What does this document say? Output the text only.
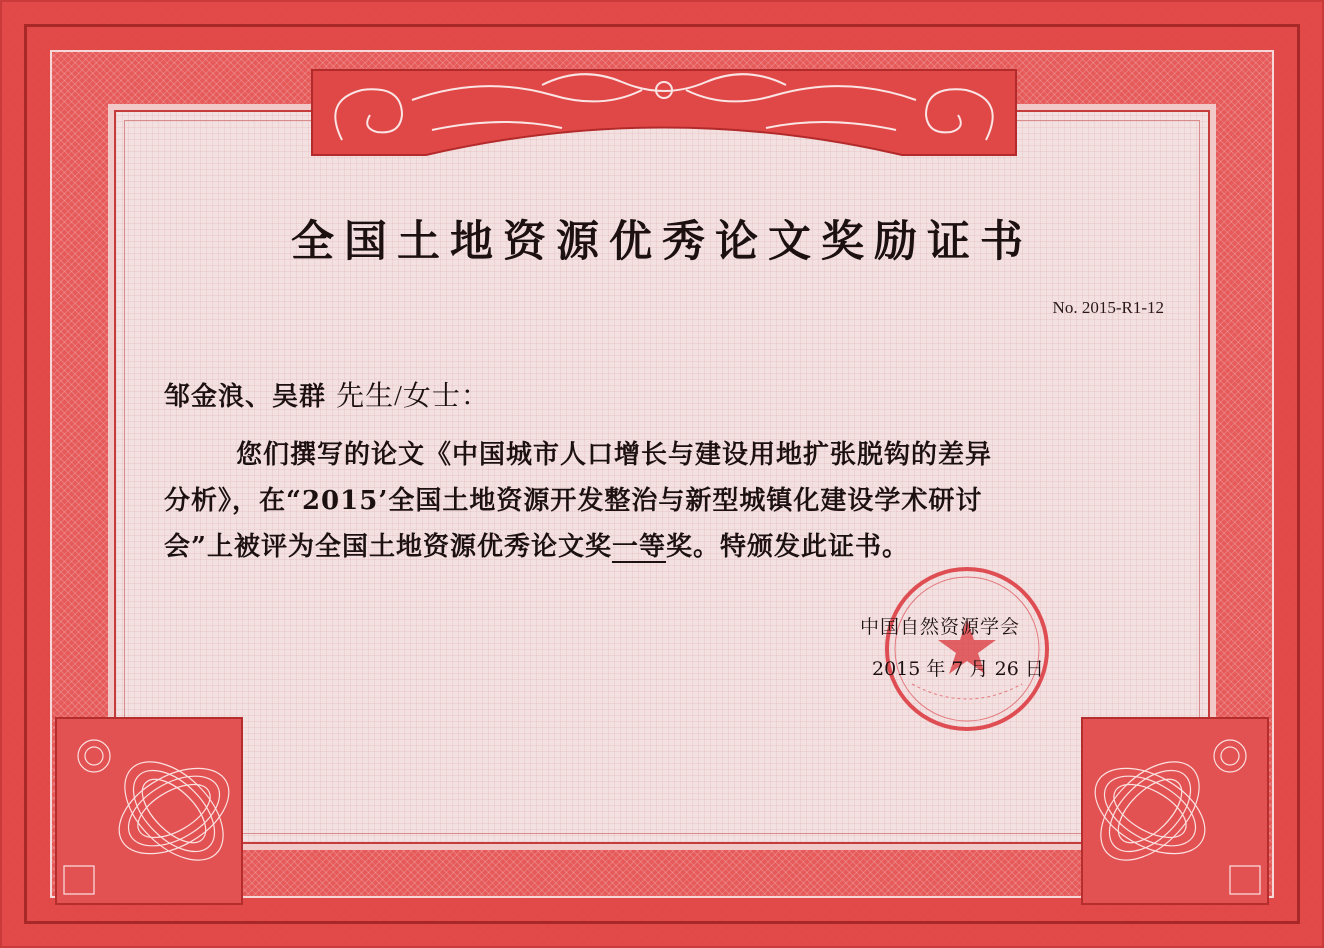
全国土地资源优秀论文奖励证书
No. 2015-R1-12
邹金浪、吴群 先生/女士：
您们撰写的论文《中国城市人口增长与建设用地扩张脱钩的差异
分析》，在“2015’全国土地资源开发整治与新型城镇化建设学术研讨
会”上被评为全国土地资源优秀论文奖一等奖。特颁发此证书。
中国自然资源学会
2015 年 7 月 26 日
